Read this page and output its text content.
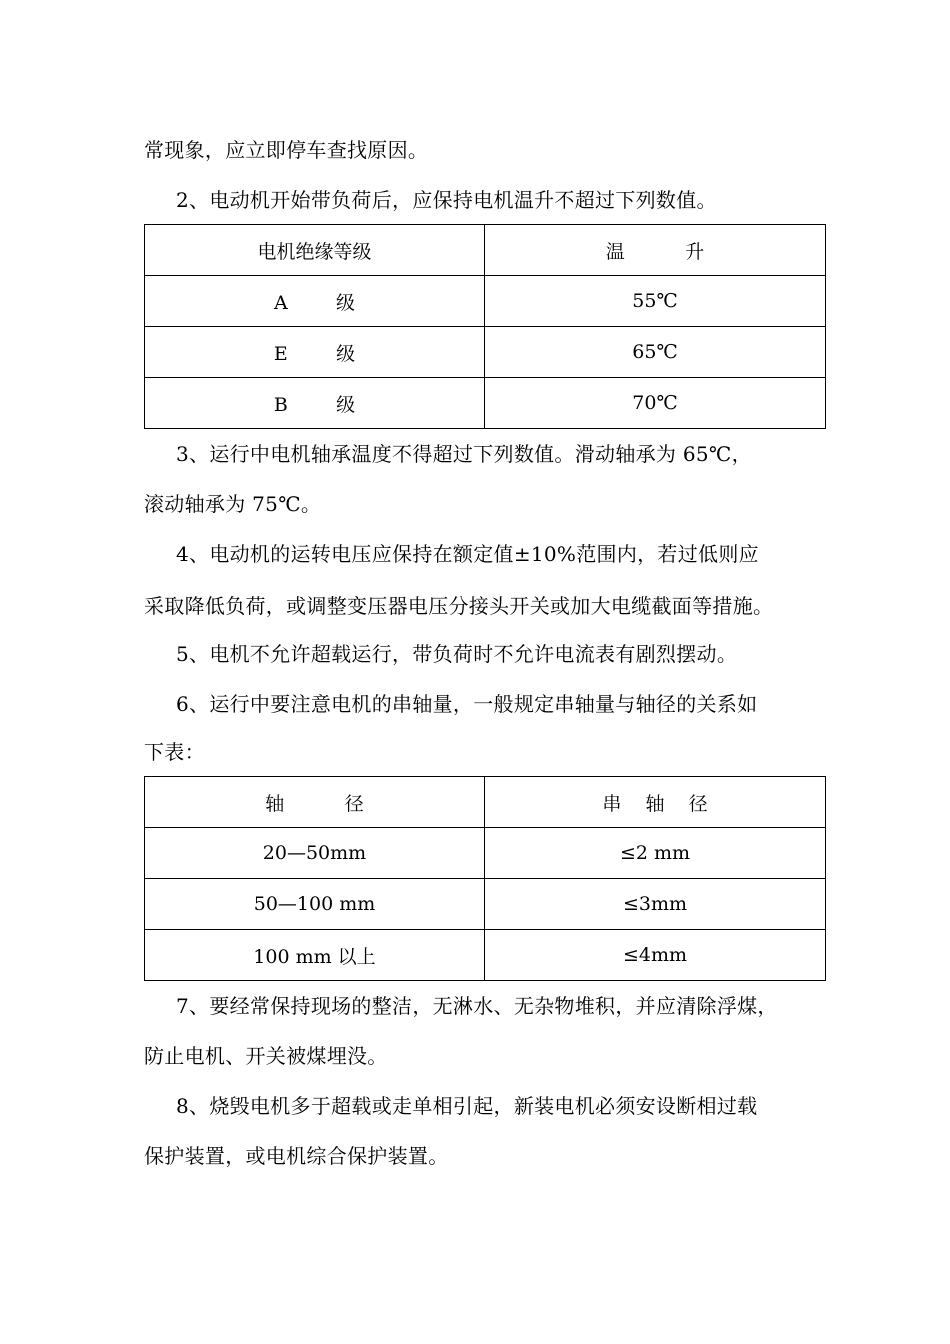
常现象，应立即停车查找原因。
2、电动机开始带负荷后，应保持电机温升不超过下列数值。
电机绝缘等级	温          升
A        级	55℃
E        级	65℃
B        级	70℃
3、运行中电机轴承温度不得超过下列数值。滑动轴承为 65℃，
滚动轴承为 75℃。
4、电动机的运转电压应保持在额定值±10%范围内，若过低则应
采取降低负荷，或调整变压器电压分接头开关或加大电缆截面等措施。
5、电机不允许超载运行，带负荷时不允许电流表有剧烈摆动。
6、运行中要注意电机的串轴量，一般规定串轴量与轴径的关系如
下表：
轴          径	串    轴    径
20—50mm	≤2 mm
50—100 mm	≤3mm
100 mm 以上	≤4mm
7、要经常保持现场的整洁，无淋水、无杂物堆积，并应清除浮煤，
防止电机、开关被煤埋没。
8、烧毁电机多于超载或走单相引起，新装电机必须安设断相过载
保护装置，或电机综合保护装置。
